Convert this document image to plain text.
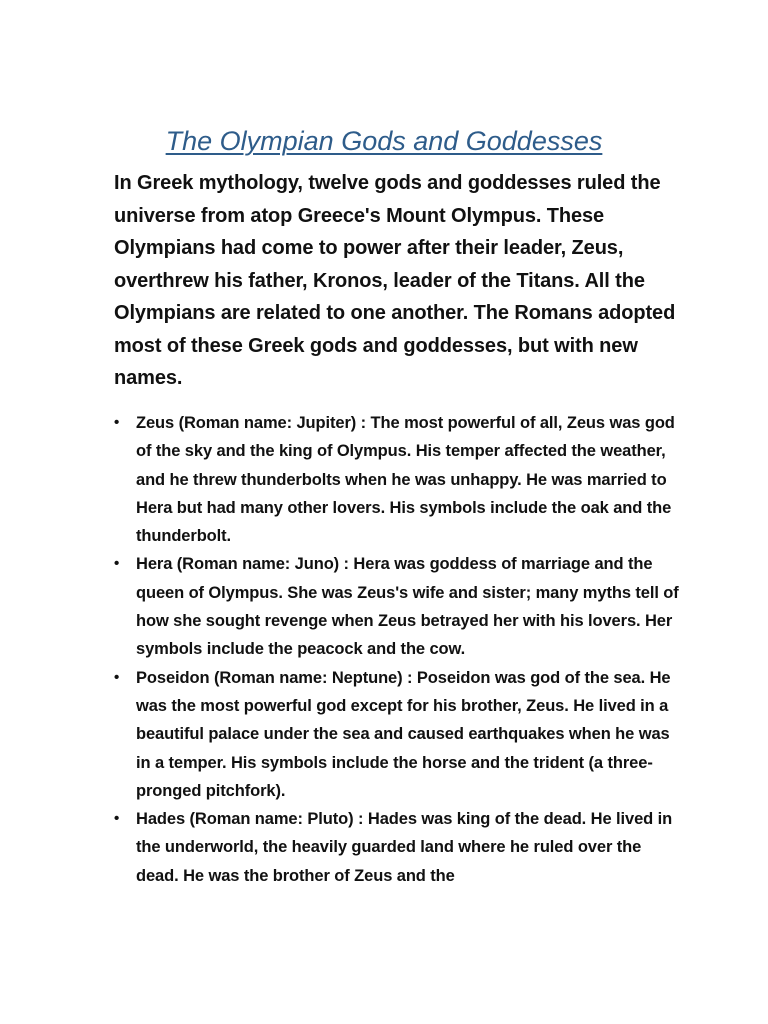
The Olympian Gods and Goddesses

In Greek mythology, twelve gods and goddesses ruled the universe from atop Greece's Mount Olympus. These Olympians had come to power after their leader, Zeus, overthrew his father, Kronos, leader of the Titans. All the Olympians are related to one another. The Romans adopted most of these Greek gods and goddesses, but with new names.

•	Zeus (Roman name: Jupiter) : The most powerful of all, Zeus was god of the sky and the king of Olympus. His temper affected the weather, and he threw thunderbolts when he was unhappy. He was married to Hera but had many other lovers. His symbols include the oak and the thunderbolt.
•	Hera (Roman name: Juno) : Hera was goddess of marriage and the queen of Olympus. She was Zeus's wife and sister; many myths tell of how she sought revenge when Zeus betrayed her with his lovers. Her symbols include the peacock and the cow.
•	Poseidon (Roman name: Neptune) : Poseidon was god of the sea. He was the most powerful god except for his brother, Zeus. He lived in a beautiful palace under the sea and caused earthquakes when he was in a temper. His symbols include the horse and the trident (a three-pronged pitchfork).
•	Hades (Roman name: Pluto) : Hades was king of the dead. He lived in the underworld, the heavily guarded land where he ruled over the dead. He was the brother of Zeus and the
